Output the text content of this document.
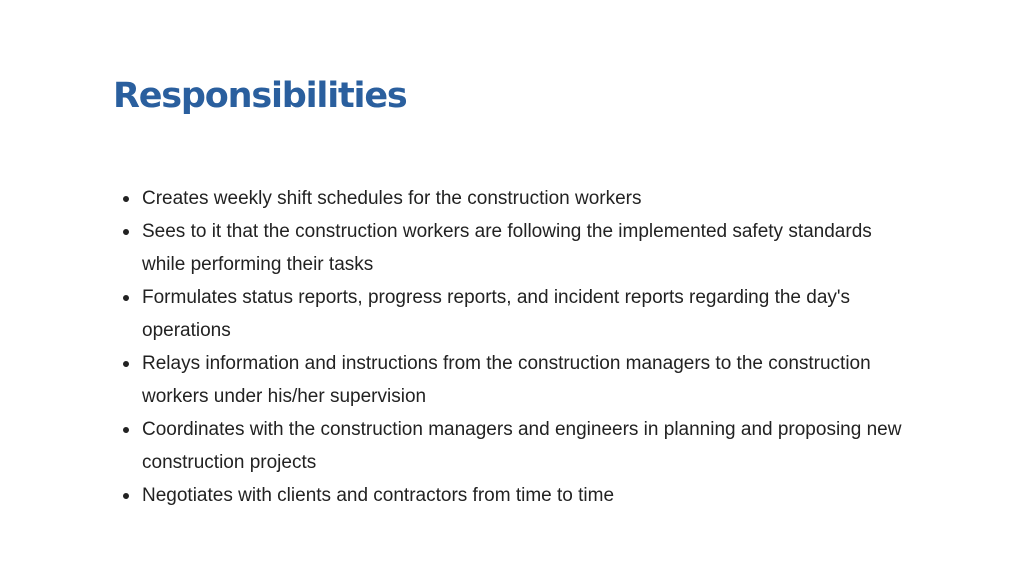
Responsibilities
Creates weekly shift schedules for the construction workers
Sees to it that the construction workers are following the implemented safety standards while performing their tasks
Formulates status reports, progress reports, and incident reports regarding the day's operations
Relays information and instructions from the construction managers to the construction workers under his/her supervision
Coordinates with the construction managers and engineers in planning and proposing new construction projects
Negotiates with clients and contractors from time to time
